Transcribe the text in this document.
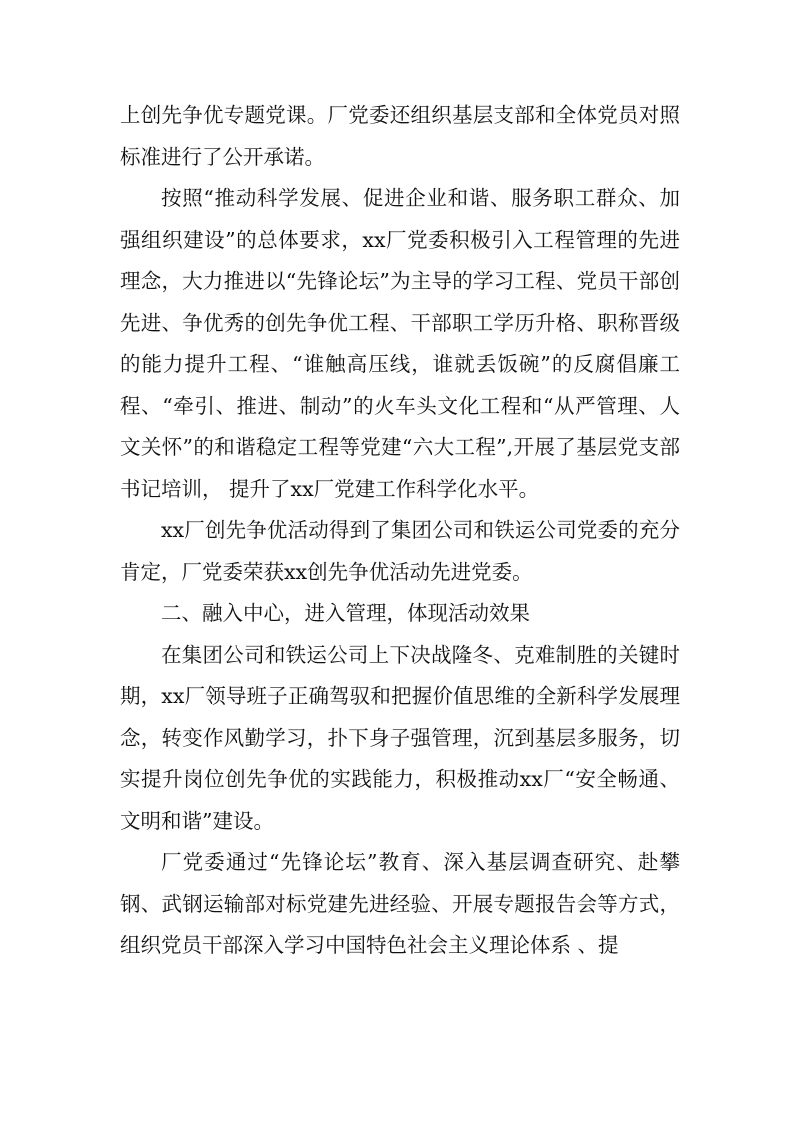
上创先争优专题党课。厂党委还组织基层支部和全体党员对照标准进行了公开承诺。

按照“推动科学发展、促进企业和谐、服务职工群众、加强组织建设”的总体要求，xx厂党委积极引入工程管理的先进理念，大力推进以“先锋论坛”为主导的学习工程、党员干部创先进、争优秀的创先争优工程、干部职工学历升格、职称晋级的能力提升工程、“谁触高压线，谁就丢饭碗”的反腐倡廉工程、“牵引、推进、制动”的火车头文化工程和“从严管理、人文关怀”的和谐稳定工程等党建“六大工程”,开展了基层党支部书记培训， 提升了xx厂党建工作科学化水平。

xx厂创先争优活动得到了集团公司和铁运公司党委的充分肯定，厂党委荣获xx创先争优活动先进党委。

二、融入中心，进入管理，体现活动效果

在集团公司和铁运公司上下决战隆冬、克难制胜的关键时期，xx厂领导班子正确驾驭和把握价值思维的全新科学发展理念，转变作风勤学习，扑下身子强管理，沉到基层多服务，切实提升岗位创先争优的实践能力，积极推动xx厂“安全畅通、文明和谐”建设。

厂党委通过“先锋论坛”教育、深入基层调查研究、赴攀钢、武钢运输部对标党建先进经验、开展专题报告会等方式，组织党员干部深入学习中国特色社会主义理论体系 、提
